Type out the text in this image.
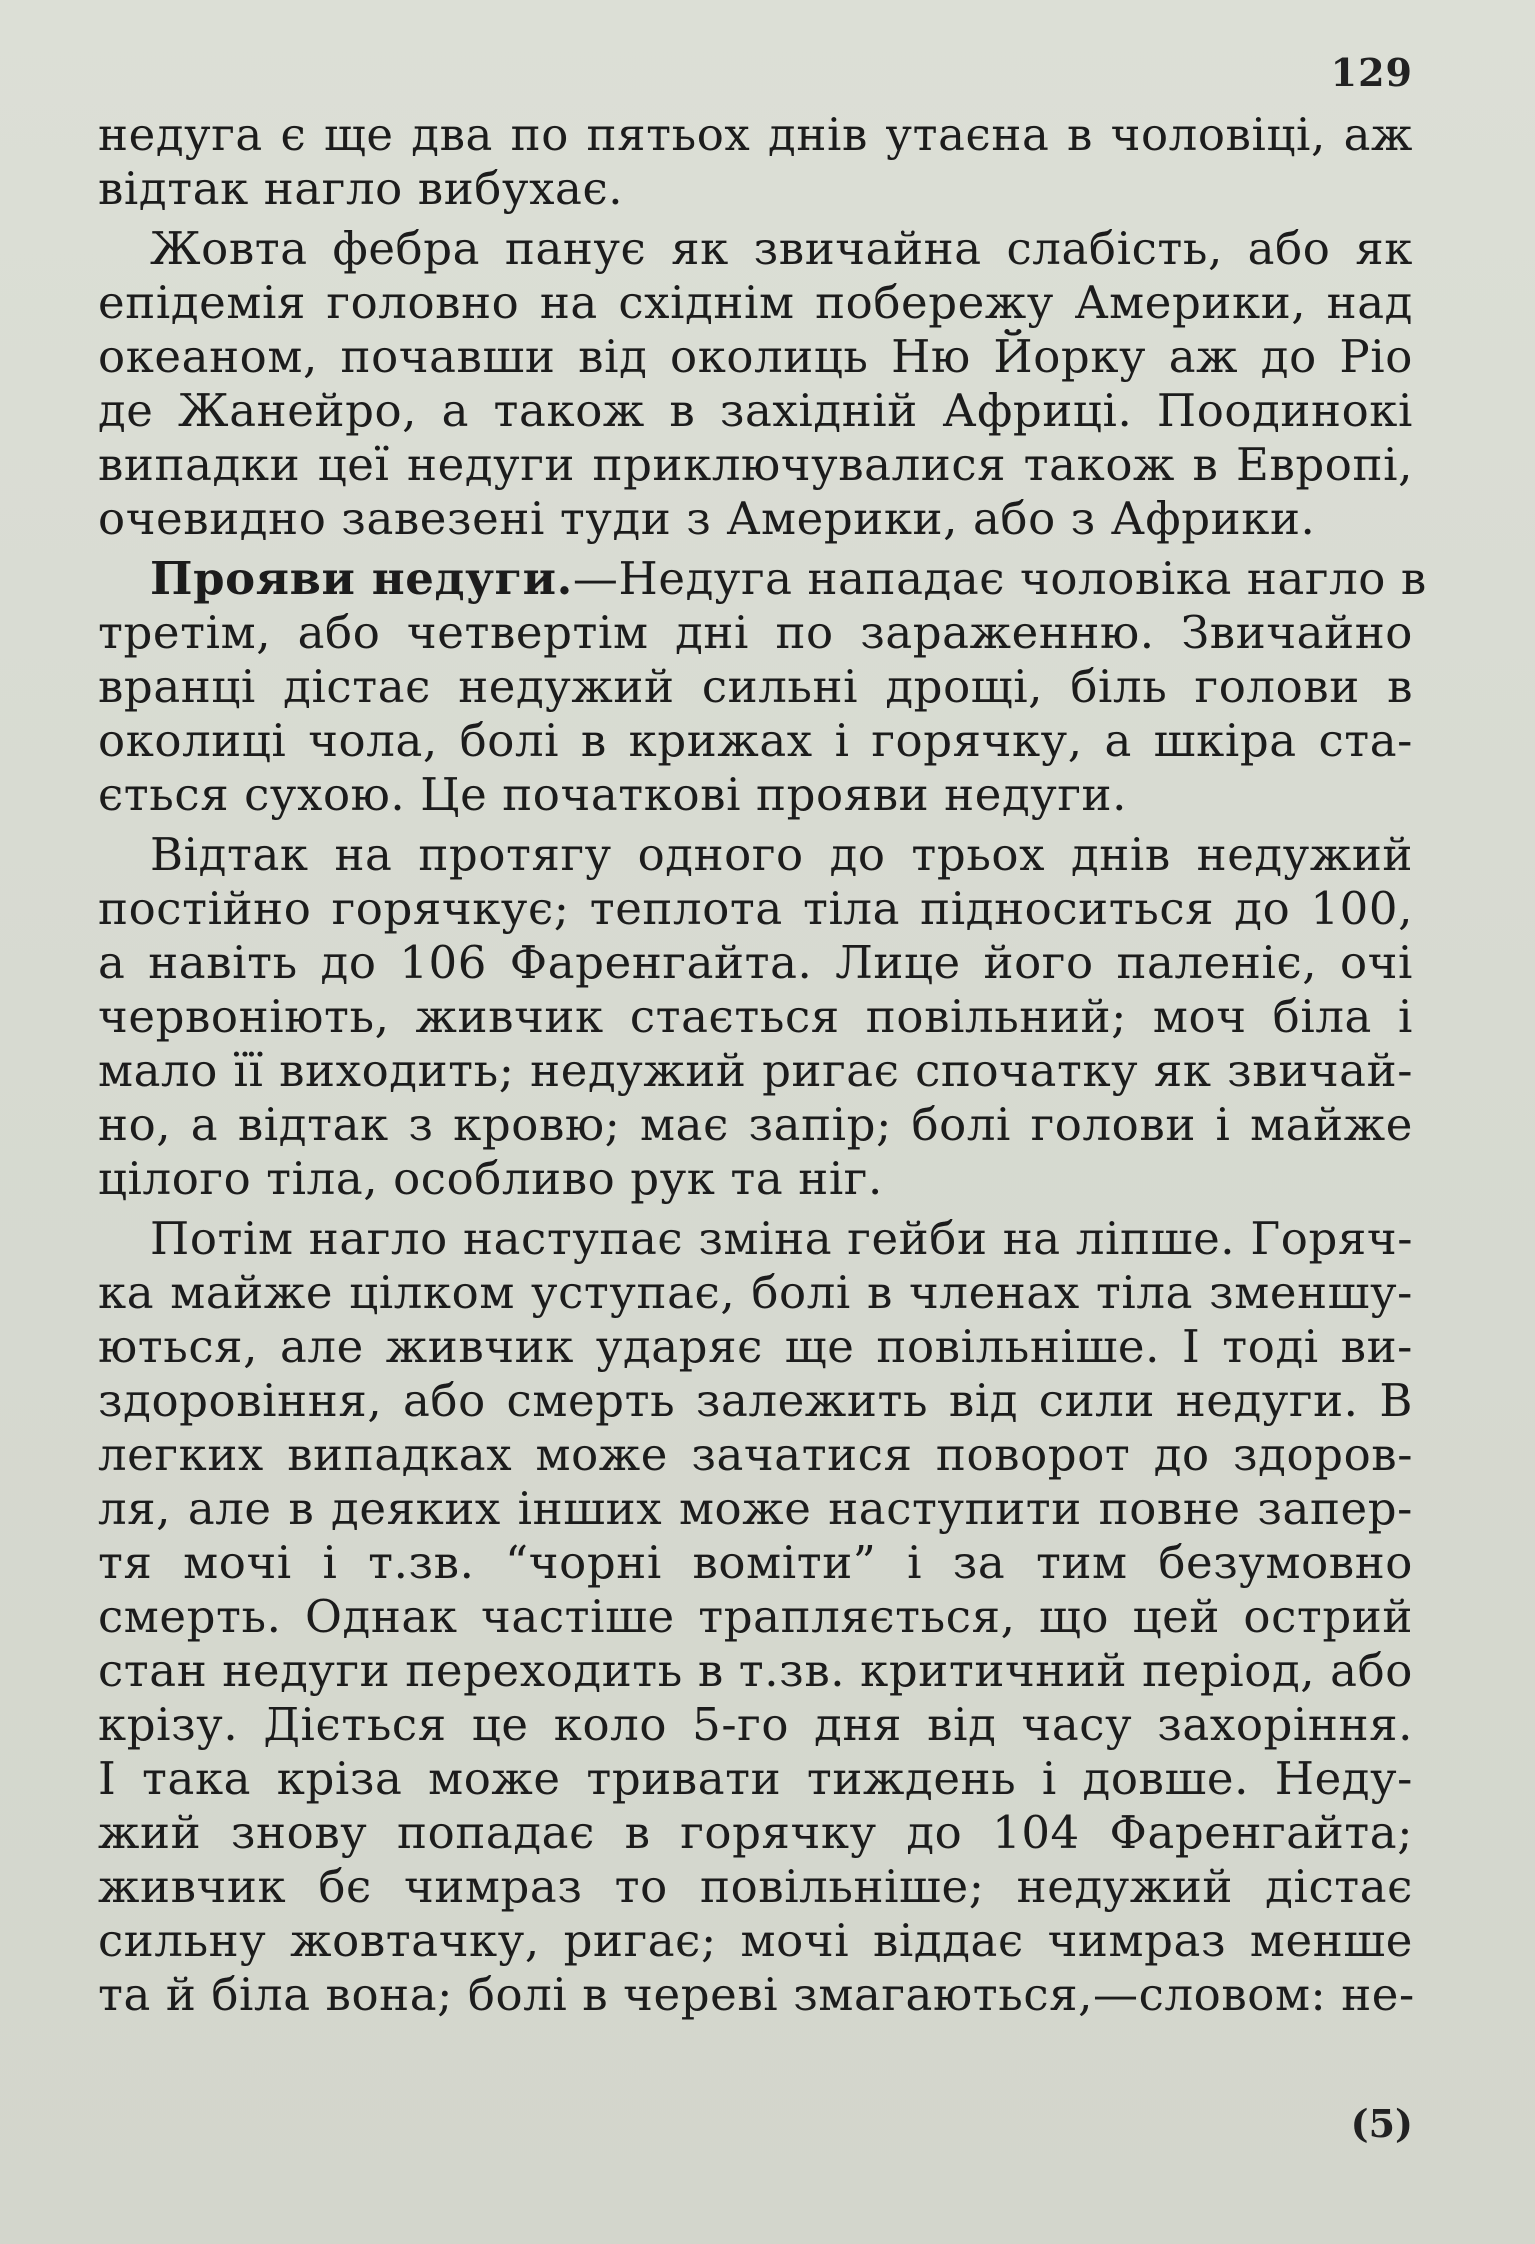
129
недуга є ще два по пятьох днів утаєна в чоловіці, аж
відтак нагло вибухає.
Жовта фебра панує як звичайна слабість, або як
епідемія головно на східнім побережу Америки, над
океаном, почавши від околиць Ню Йорку аж до Ріо
де Жанейро, а також в західній Африці. Поодинокі
випадки цеї недуги приключувалися також в Европі,
очевидно завезені туди з Америки, або з Африки.
Прояви недуги.—Недуга нападає чоловіка нагло в
третім, або четвертім дні по зараженню. Звичайно
вранці дістає недужий сильні дрощі, біль голови в
околиці чола, болі в крижах і горячку, а шкіра ста-
ється сухою. Це початкові прояви недуги.
Відтак на протягу одного до трьох днів недужий
постійно горячкує; теплота тіла підноситься до 100,
а навіть до 106 Фаренгайта. Лице його паленіє, очі
червоніють, живчик стається повільний; моч біла і
мало її виходить; недужий ригає спочатку як звичай-
но, а відтак з кровю; має запір; болі голови і майже
цілого тіла, особливо рук та ніг.
Потім нагло наступає зміна гейби на ліпше. Горяч-
ка майже цілком уступає, болі в членах тіла зменшу-
ються, але живчик ударяє ще повільніше. І тоді ви-
здоровіння, або смерть залежить від сили недуги. В
легких випадках може зачатися поворот до здоров-
ля, але в деяких інших може наступити повне запер-
тя мочі і т.зв. “чорні воміти” і за тим безумовно
смерть. Однак частіше трапляється, що цей острий
стан недуги переходить в т.зв. критичний період, або
крізу. Діється це коло 5-го дня від часу захоріння.
І така кріза може тривати тиждень і довше. Неду-
жий знову попадає в горячку до 104 Фаренгайта;
живчик бє чимраз то повільніше; недужий дістає
сильну жовтачку, ригає; мочі віддає чимраз менше
та й біла вона; болі в череві змагаються,—словом: не-
(5)
